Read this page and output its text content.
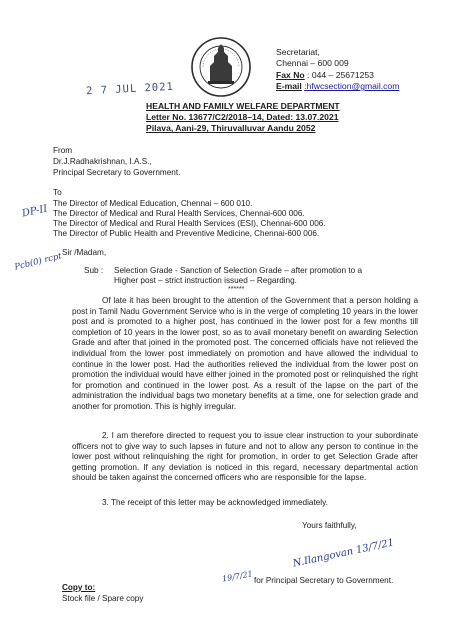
Secretariat,
Chennai – 600 009
Fax No : 044 – 25671253
E-mail :hfwcsection@gmail.com
2 7 JUL 2021
HEALTH AND FAMILY WELFARE DEPARTMENT
Letter No. 13677/C2/2018–14, Dated: 13.07.2021
Pilava, Aani-29, Thiruvalluvar Aandu 2052
From
Dr.J.Radhakrishnan, I.A.S.,
Principal Secretary to Government.
To
The Director of Medical Education, Chennai – 600 010.
The Director of Medical and Rural Health Services, Chennai-600 006.
The Director of Medical and Rural Health Services (ESI), Chennai-600 006.
The Director of Public Health and Preventive Medicine, Chennai-600 006.
DP-II
Pcb(0) rcpt Sir /Madam,
Sub : Selection Grade - Sanction of Selection Grade – after promotion to a
Higher post – strict instruction issued – Regarding.
******
Of late it has been brought to the attention of the Government that a person holding a post in Tamil Nadu Government Service who is in the verge of completing 10 years in the lower post and is promoted to a higher post, has continued in the lower post for a few months till completion of 10 years in the lower post, so as to avail monetary benefit on awarding Selection Grade and after that joined in the promoted post. The concerned officials have not relieved the individual from the lower post immediately on promotion and have allowed the individual to continue in the lower post. Had the authorities relieved the individual from the lower post on promotion the individual would have either joined in the promoted post or relinquished the right for promotion and continued in the lower post. As a result of the lapse on the part of the administration the individual bags two monetary benefits at a time, one for selection grade and another for promotion. This is highly irregular.
2. I am therefore directed to request you to issue clear instruction to your subordinate officers not to give way to such lapses in future and not to allow any person to continue in the lower post without relinquishing the right for promotion, in order to get Selection Grade after getting promotion. If any deviation is noticed in this regard, necessary departmental action should be taken against the concerned officers who are responsible for the lapse.
3. The receipt of this letter may be acknowledged immediately.
Yours faithfully,
N.Ilangovan 13/7/21
for Principal Secretary to Government.
19/7/21
Copy to:
Stock file / Spare copy
